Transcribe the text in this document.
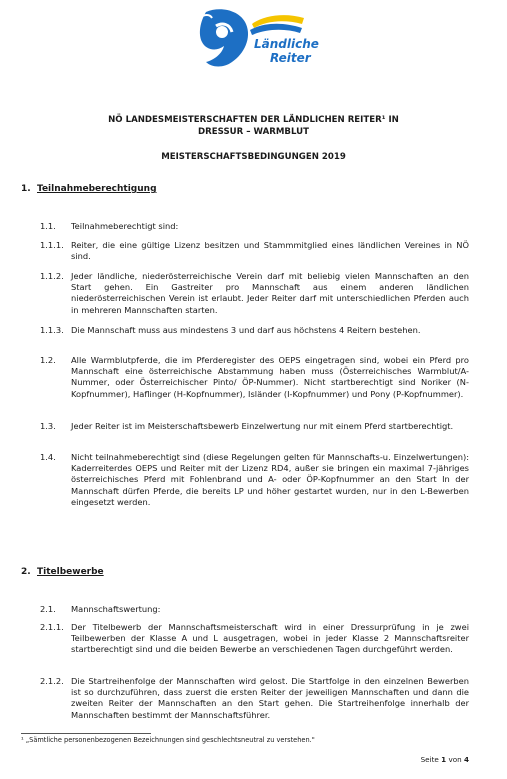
Ländliche
Reiter
NÖ LANDESMEISTERSCHAFTEN DER LÄNDLICHEN REITER¹ IN
DRESSUR – WARMBLUT
MEISTERSCHAFTSBEDINGUNGEN 2019
1. Teilnahmeberechtigung
1.1. Teilnahmeberechtigt sind:
1.1.1. Reiter, die eine gültige Lizenz besitzen und Stammmitglied eines ländlichen Vereines in NÖ sind.
1.1.2. Jeder ländliche, niederösterreichische Verein darf mit beliebig vielen Mannschaften an den Start gehen. Ein Gastreiter pro Mannschaft aus einem anderen ländlichen niederösterreichischen Verein ist erlaubt. Jeder Reiter darf mit unterschiedlichen Pferden auch in mehreren Mannschaften starten.
1.1.3. Die Mannschaft muss aus mindestens 3 und darf aus höchstens 4 Reitern bestehen.
1.2. Alle Warmblutpferde, die im Pferderegister des OEPS eingetragen sind, wobei ein Pferd pro Mannschaft eine österreichische Abstammung haben muss (Österreichisches Warmblut/A-Nummer, oder Österreichischer Pinto/ ÖP-Nummer). Nicht startberechtigt sind Noriker (N-Kopfnummer), Haflinger (H-Kopfnummer), Isländer (I-Kopfnummer) und Pony (P-Kopfnummer).
1.3. Jeder Reiter ist im Meisterschaftsbewerb Einzelwertung nur mit einem Pferd startberechtigt.
1.4. Nicht teilnahmeberechtigt sind (diese Regelungen gelten für Mannschafts-u. Einzelwertungen): Kaderreiterdes OEPS und Reiter mit der Lizenz RD4, außer sie bringen ein maximal 7-jähriges österreichisches Pferd mit Fohlenbrand und A- oder ÖP-Kopfnummer an den Start In der Mannschaft dürfen Pferde, die bereits LP und höher gestartet wurden, nur in den L-Bewerben eingesetzt werden.
2. Titelbewerbe
2.1. Mannschaftswertung:
2.1.1. Der Titelbewerb der Mannschaftsmeisterschaft wird in einer Dressurprüfung in je zwei Teilbewerben der Klasse A und L ausgetragen, wobei in jeder Klasse 2 Mannschaftsreiter startberechtigt sind und die beiden Bewerbe an verschiedenen Tagen durchgeführt werden.
2.1.2. Die Startreihenfolge der Mannschaften wird gelost. Die Startfolge in den einzelnen Bewerben ist so durchzuführen, dass zuerst die ersten Reiter der jeweiligen Mannschaften und dann die zweiten Reiter der Mannschaften an den Start gehen. Die Startreihenfolge innerhalb der Mannschaften bestimmt der Mannschaftsführer.
¹ „Sämtliche personenbezogenen Bezeichnungen sind geschlechtsneutral zu verstehen."
Seite 1 von 4
